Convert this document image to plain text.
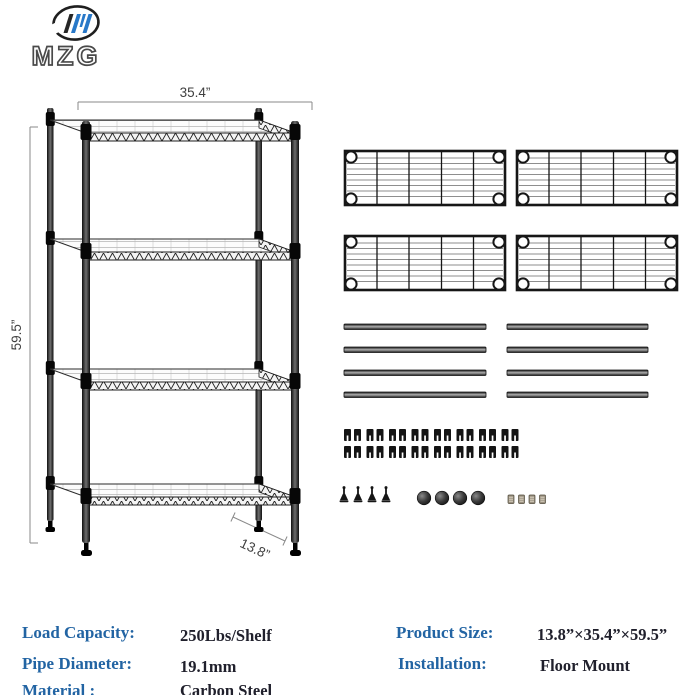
MZG
35.4”
59.5”
13.8”
Load Capacity:	250Lbs/Shelf
Pipe Diameter:	19.1mm
Material :	Carbon Steel
Product Size:	13.8”×35.4”×59.5”
Installation:	Floor Mount
